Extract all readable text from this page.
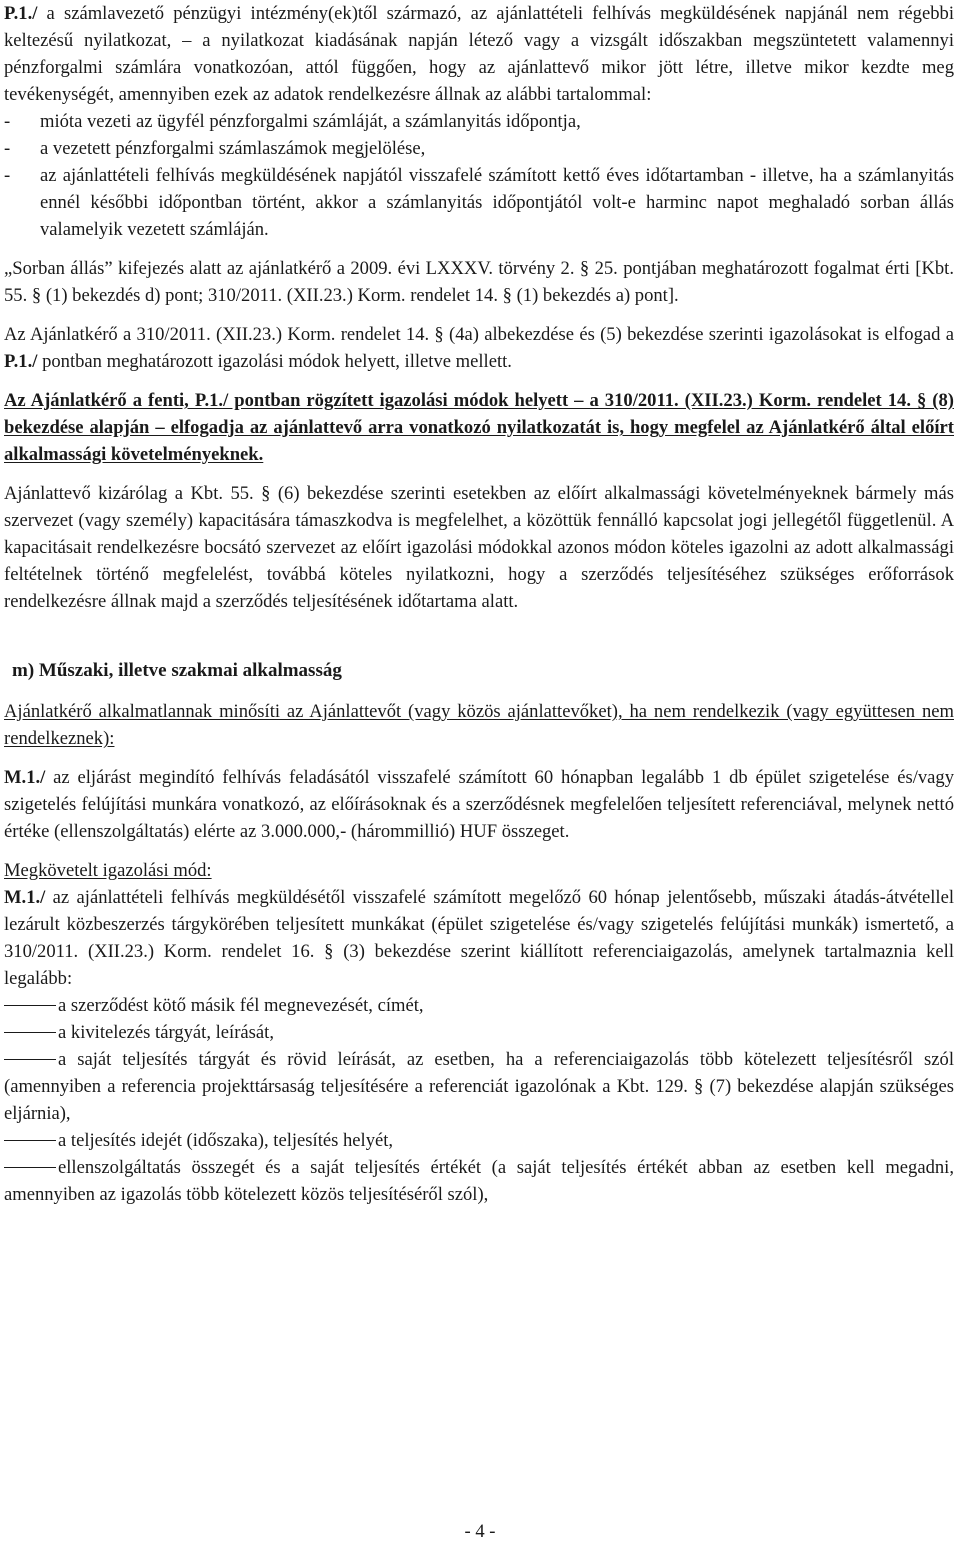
P.1./ a számlavezető pénzügyi intézmény(ek)től származó, az ajánlattételi felhívás megküldésének napjánál nem régebbi keltezésű nyilatkozat, – a nyilatkozat kiadásának napján létező vagy a vizsgált időszakban megszüntetett valamennyi pénzforgalmi számlára vonatkozóan, attól függően, hogy az ajánlattevő mikor jött létre, illetve mikor kezdte meg tevékenységét, amennyiben ezek az adatok rendelkezésre állnak az alábbi tartalommal:

-	mióta vezeti az ügyfél pénzforgalmi számláját, a számlanyitás időpontja,
-	a vezetett pénzforgalmi számlaszámok megjelölése,
-	az ajánlattételi felhívás megküldésének napjától visszafelé számított kettő éves időtartamban - illetve, ha a számlanyitás ennél későbbi időpontban történt, akkor a számlanyitás időpontjától volt-e harminc napot meghaladó sorban állás valamelyik vezetett számláján.

„Sorban állás” kifejezés alatt az ajánlatkérő a 2009. évi LXXXV. törvény 2. § 25. pontjában meghatározott fogalmat érti [Kbt. 55. § (1) bekezdés d) pont; 310/2011. (XII.23.) Korm. rendelet 14. § (1) bekezdés a) pont].

Az Ajánlatkérő a 310/2011. (XII.23.) Korm. rendelet 14. § (4a) albekezdése és (5) bekezdése szerinti igazolásokat is elfogad a P.1./ pontban meghatározott igazolási módok helyett, illetve mellett.

Az Ajánlatkérő a fenti, P.1./ pontban rögzített igazolási módok helyett – a 310/2011. (XII.23.) Korm. rendelet 14. § (8) bekezdése alapján – elfogadja az ajánlattevő arra vonatkozó nyilatkozatát is, hogy megfelel az Ajánlatkérő által előírt alkalmassági követelményeknek.

Ajánlattevő kizárólag a Kbt. 55. § (6) bekezdése szerinti esetekben az előírt alkalmassági követelményeknek bármely más szervezet (vagy személy) kapacitására támaszkodva is megfelelhet, a közöttük fennálló kapcsolat jogi jellegétől függetlenül. A kapacitásait rendelkezésre bocsátó szervezet az előírt igazolási módokkal azonos módon köteles igazolni az adott alkalmassági feltételnek történő megfelelést, továbbá köteles nyilatkozni, hogy a szerződés teljesítéséhez szükséges erőforrások rendelkezésre állnak majd a szerződés teljesítésének időtartama alatt.

m) Műszaki, illetve szakmai alkalmasság

Ajánlatkérő alkalmatlannak minősíti az Ajánlattevőt (vagy közös ajánlattevőket), ha nem rendelkezik (vagy együttesen nem rendelkeznek):

M.1./ az eljárást megindító felhívás feladásától visszafelé számított 60 hónapban legalább 1 db épület szigetelése és/vagy szigetelés felújítási munkára vonatkozó, az előírásoknak és a szerződésnek megfelelően teljesített referenciával, melynek nettó értéke (ellenszolgáltatás) elérte az 3.000.000,- (hárommillió) HUF összeget.

Megkövetelt igazolási mód:

M.1./ az ajánlattételi felhívás megküldésétől visszafelé számított megelőző 60 hónap jelentősebb, műszaki átadás-átvétellel lezárult közbeszerzés tárgykörében teljesített munkákat (épület szigetelése és/vagy szigetelés felújítási munkák) ismertető, a 310/2011. (XII.23.) Korm. rendelet 16. § (3) bekezdése szerint kiállított referenciaigazolás, amelynek tartalmaznia kell legalább:

a szerződést kötő másik fél megnevezését, címét,
a kivitelezés tárgyát, leírását,
a saját teljesítés tárgyát és rövid leírását, az esetben, ha a referenciaigazolás több kötelezett teljesítésről szól (amennyiben a referencia projekttársaság teljesítésére a referenciát igazolónak a Kbt. 129. § (7) bekezdése alapján szükséges eljárnia),
a teljesítés idejét (időszaka), teljesítés helyét,
ellenszolgáltatás összegét és a saját teljesítés értékét (a saját teljesítés értékét abban az esetben kell megadni, amennyiben az igazolás több kötelezett közös teljesítéséről szól),
- 4 -
